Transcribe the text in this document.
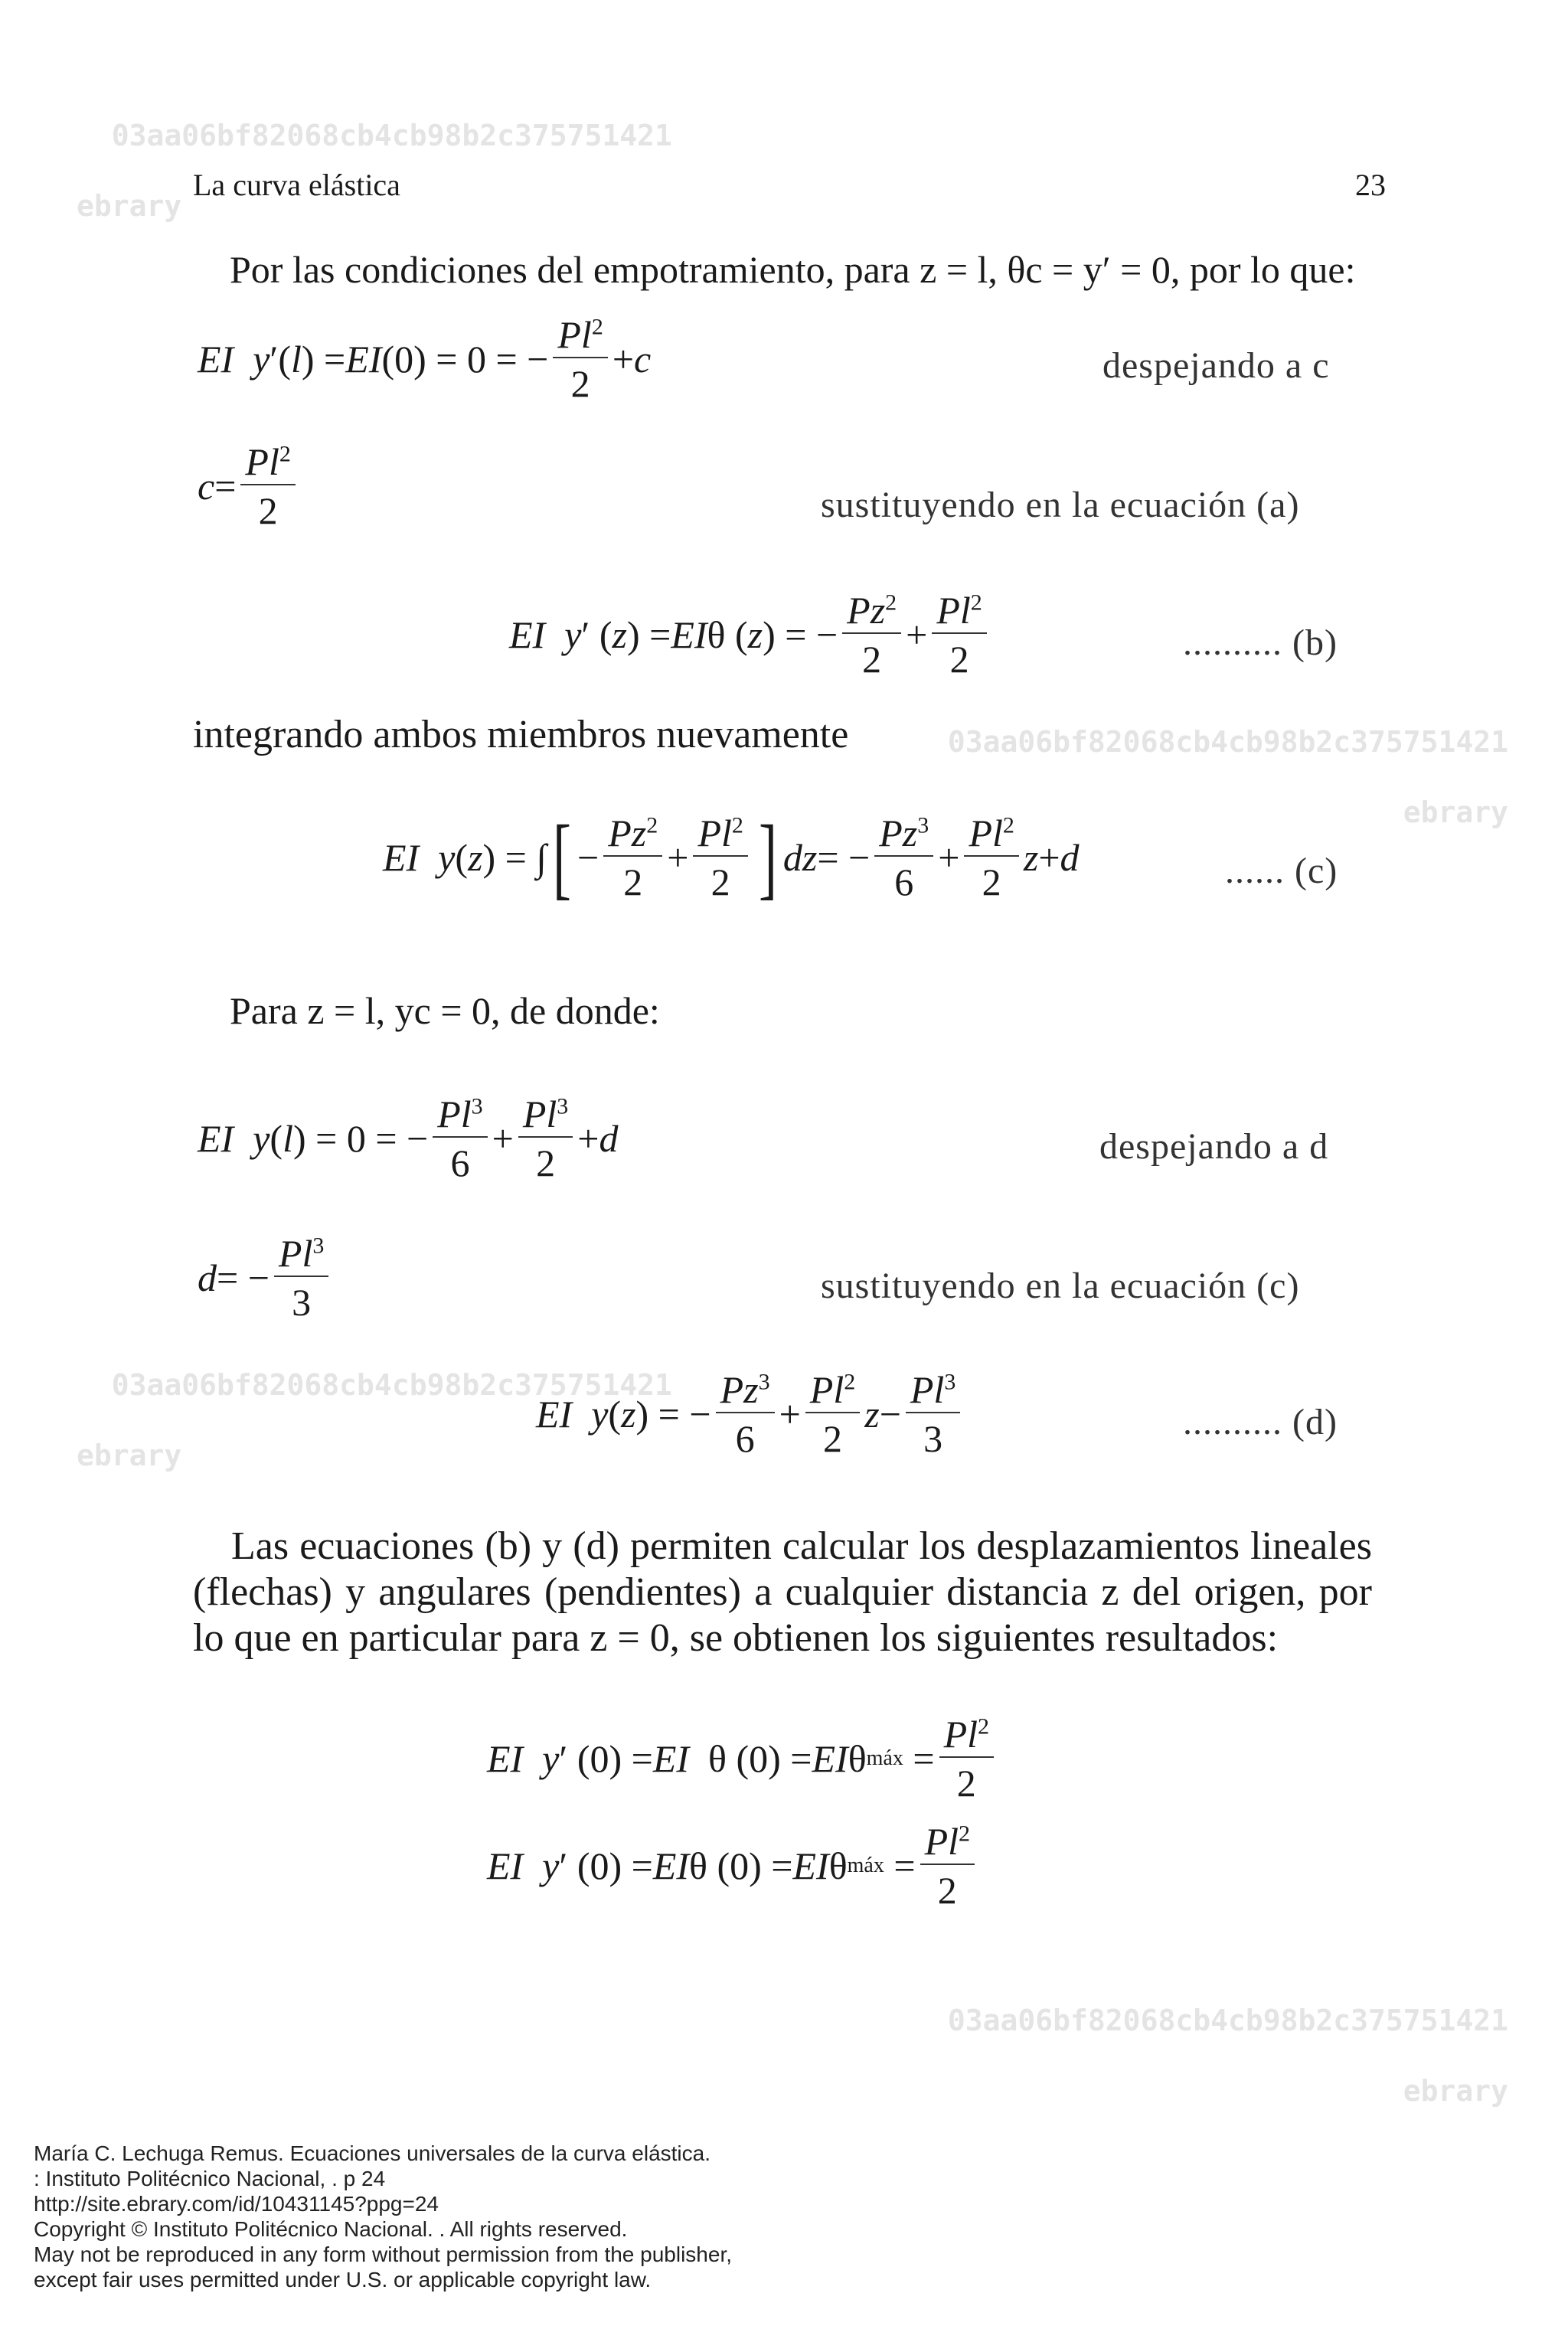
03aa06bf82068cb4cb98b2c375751421

ebrary

03aa06bf82068cb4cb98b2c375751421

ebrary

03aa06bf82068cb4cb98b2c375751421

ebrary

03aa06bf82068cb4cb98b2c375751421

ebrary

La curva elástica	23
Por las condiciones del empotramiento, para z = l, θc = y′ = 0, por lo que:
EI
y ′( l ) = EI (0) = 0 = − $\frac{Pl^2}{2} + c$	despejando a c
$c = \frac{Pl^2}{2}$	sustituyendo en la ecuación (a)
EI
y ′ ( z ) = EI θ ( z ) = − $\frac{Pz^2}{2} + \frac{Pl^2}{2}$	.......... (b)
integrando ambos miembros nuevamente
EI
y ( z ) = ∫ [ − $\frac{Pz^2}{2} + \frac{Pl^2}{2}$ ] dz = − $\frac{Pz^3}{6} + \frac{Pl^2}{2}$ z + d	...... (c)
Para z = l, yc = 0, de donde:
EI
y ( l ) = 0 = − $\frac{Pl^3}{6} + \frac{Pl^3}{2} + d$	despejando a d
d = − $\frac{Pl^3}{3}$	sustituyendo en la ecuación (c)
EI
y ( z ) = − $\frac{Pz^3}{6} + \frac{Pl^2}{2}$ $z - \frac{Pl^3}{3}$	.......... (d)
Las ecuaciones (b) y (d) permiten calcular los desplazamientos lineales (flechas) y angulares (pendientes) a cualquier distancia z del origen, por lo que en particular para z = 0, se obtienen los siguientes resultados:
EI
y ′ (0) = EI θ (0) = EI θ máx = $\frac{Pl^2}{2}$
EI
y ′ (0) = EI θ (0) = EI θ máx = $\frac{Pl^2}{2}$
María C. Lechuga Remus. Ecuaciones universales de la curva elástica.
: Instituto Politécnico Nacional, . p 24
http://site.ebrary.com/id/10431145?ppg=24
Copyright © Instituto Politécnico Nacional. . All rights reserved.
May not be reproduced in any form without permission from the publisher,
except fair uses permitted under U.S. or applicable copyright law.
